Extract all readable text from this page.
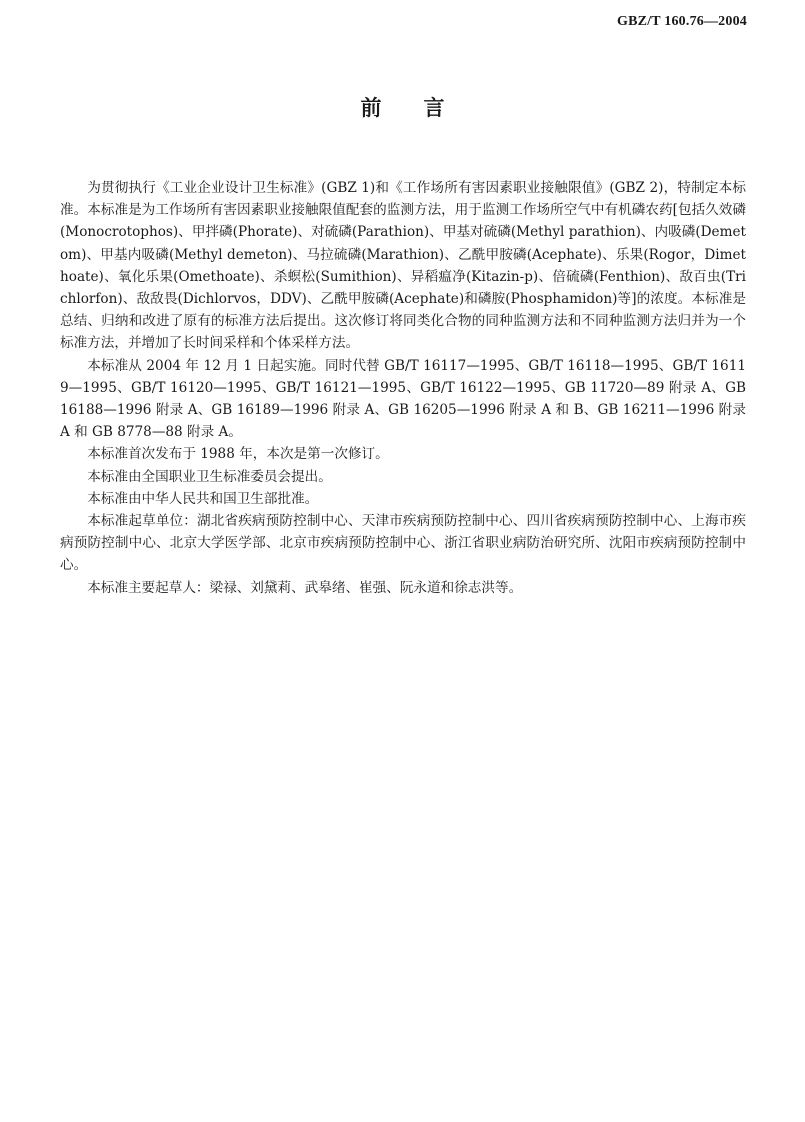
GBZ/T 160.76—2004
前 言

为贯彻执行《工业企业设计卫生标准》(GBZ 1)和《工作场所有害因素职业接触限值》(GBZ 2)，特制定本标准。本标准是为工作场所有害因素职业接触限值配套的监测方法，用于监测工作场所空气中有机磷农药[包括久效磷(Monocrotophos)、甲拌磷(Phorate)、对硫磷(Parathion)、甲基对硫磷(Methyl parathion)、内吸磷(Demetom)、甲基内吸磷(Methyl demeton)、马拉硫磷(Marathion)、乙酰甲胺磷(Acephate)、乐果(Rogor，Dimethoate)、氧化乐果(Omethoate)、杀螟松(Sumithion)、异稻瘟净(Kitazin-p)、倍硫磷(Fenthion)、敌百虫(Trichlorfon)、敌敌畏(Dichlorvos，DDV)、乙酰甲胺磷(Acephate)和磷胺(Phosphamidon)等]的浓度。本标准是总结、归纳和改进了原有的标准方法后提出。这次修订将同类化合物的同种监测方法和不同种监测方法归并为一个标准方法，并增加了长时间采样和个体采样方法。

本标准从 2004 年 12 月 1 日起实施。同时代替 GB/T 16117—1995、GB/T 16118—1995、GB/T 16119—1995、GB/T 16120—1995、GB/T 16121—1995、GB/T 16122—1995、GB 11720—89 附录 A、GB 16188—1996 附录 A、GB 16189—1996 附录 A、GB 16205—1996 附录 A 和 B、GB 16211—1996 附录 A 和 GB 8778—88 附录 A。

本标准首次发布于 1988 年，本次是第一次修订。

本标准由全国职业卫生标准委员会提出。

本标准由中华人民共和国卫生部批准。

本标准起草单位：湖北省疾病预防控制中心、天津市疾病预防控制中心、四川省疾病预防控制中心、上海市疾病预防控制中心、北京大学医学部、北京市疾病预防控制中心、浙江省职业病防治研究所、沈阳市疾病预防控制中心。

本标准主要起草人：梁禄、刘黛莉、武皋绪、崔强、阮永道和徐志洪等。
